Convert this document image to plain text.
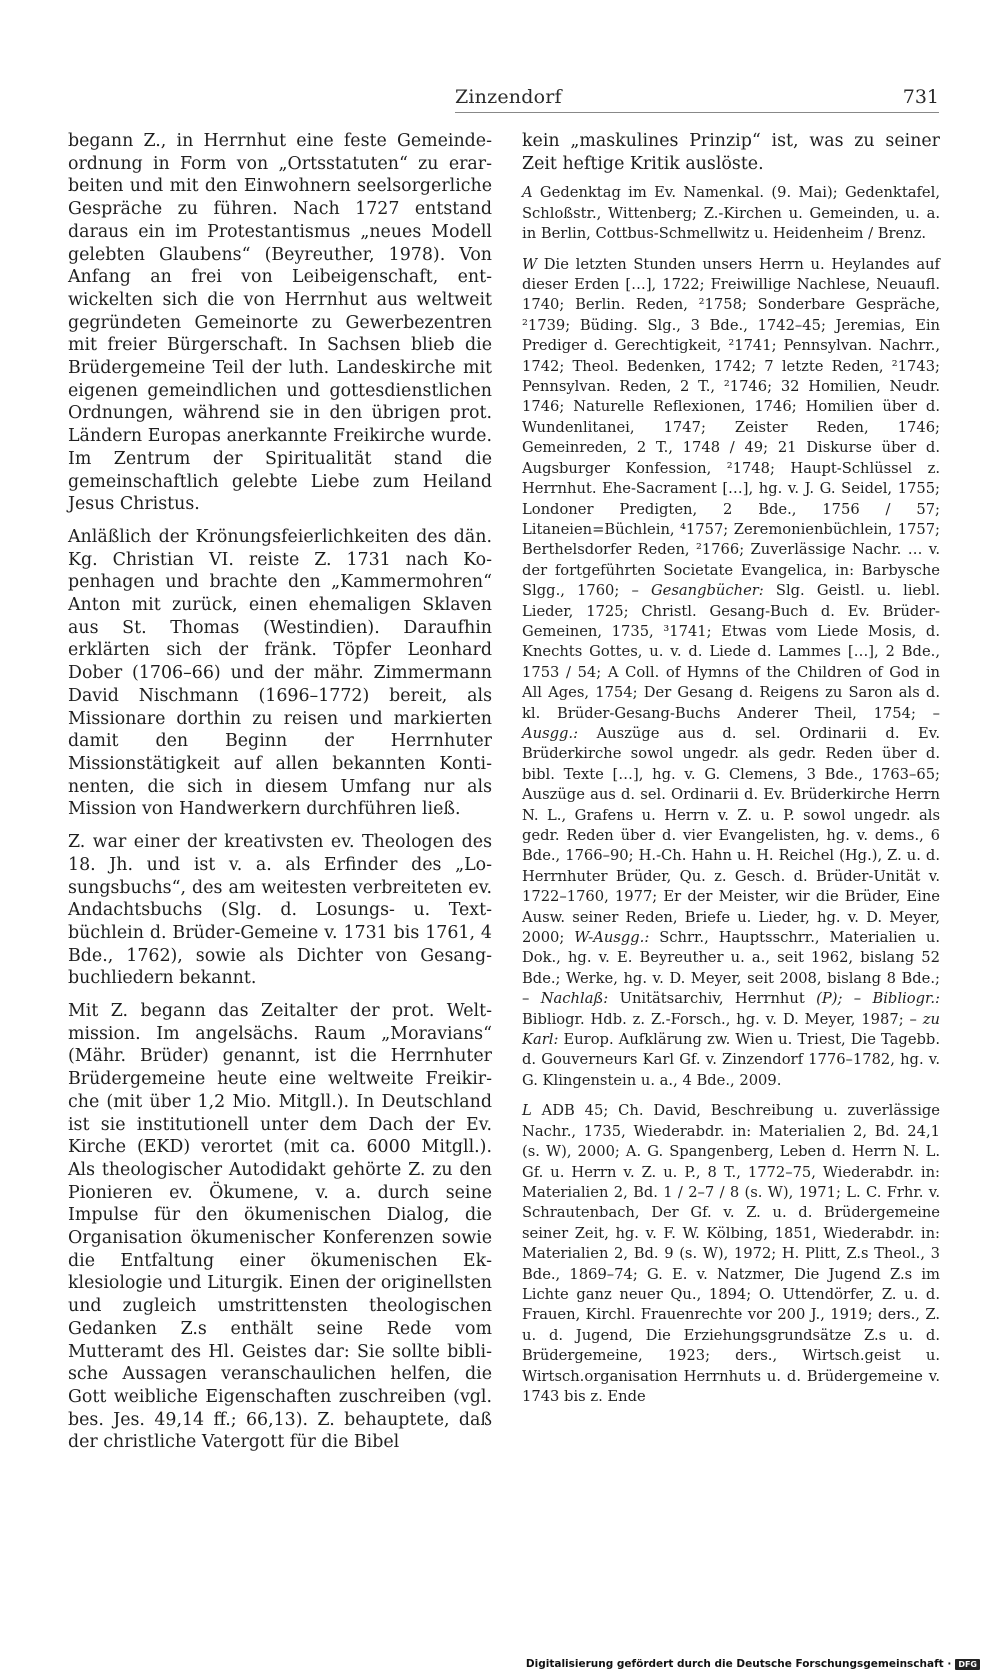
Zinzendorf	731

begann Z., in Herrnhut eine feste Gemeindeordnung in Form von „Ortsstatuten“ zu erarbeiten und mit den Einwohnern seelsorgerliche Gespräche zu führen. Nach 1727 entstand daraus ein im Protestantismus „neues Modell gelebten Glaubens“ (Beyreuther, 1978). Von Anfang an frei von Leibeigenschaft, entwickelten sich die von Herrnhut aus weltweit gegründeten Gemeinorte zu Gewerbezentren mit freier Bürgerschaft. In Sachsen blieb die Brüdergemeine Teil der luth. Landeskirche mit eigenen gemeindlichen und gottesdienstlichen Ordnungen, während sie in den übrigen prot. Ländern Europas anerkannte Freikirche wurde. Im Zentrum der Spiritualität stand die gemeinschaftlich gelebte Liebe zum Heiland Jesus Christus.

Anläßlich der Krönungsfeierlichkeiten des dän. Kg. Christian VI. reiste Z. 1731 nach Kopenhagen und brachte den „Kammermohren“ Anton mit zurück, einen ehemaligen Sklaven aus St. Thomas (Westindien). Daraufhin erklärten sich der fränk. Töpfer Leonhard Dober (1706–66) und der mähr. Zimmermann David Nischmann (1696–1772) bereit, als Missionare dorthin zu reisen und markierten damit den Beginn der Herrnhuter Missionstätigkeit auf allen bekannten Kontinenten, die sich in diesem Umfang nur als Mission von Handwerkern durchführen ließ.

Z. war einer der kreativsten ev. Theologen des 18. Jh. und ist v. a. als Erfinder des „Losungsbuchs“, des am weitesten verbreiteten ev. Andachtsbuchs (Slg. d. Losungs- u. Textbüchlein d. Brüder-Gemeine v. 1731 bis 1761, 4 Bde., 1762), sowie als Dichter von Gesangbuchliedern bekannt.

Mit Z. begann das Zeitalter der prot. Weltmission. Im angelsächs. Raum „Moravians“ (Mähr. Brüder) genannt, ist die Herrnhuter Brüdergemeine heute eine weltweite Freikirche (mit über 1,2 Mio. Mitgll.). In Deutschland ist sie institutionell unter dem Dach der Ev. Kirche (EKD) verortet (mit ca. 6000 Mitgll.). Als theologischer Autodidakt gehörte Z. zu den Pionieren ev. Ökumene, v. a. durch seine Impulse für den ökumenischen Dialog, die Organisation ökumenischer Konferenzen sowie die Entfaltung einer ökumenischen Ekklesiologie und Liturgik. Einen der originellsten und zugleich umstrittensten theologischen Gedanken Z.s enthält seine Rede vom Mutteramt des Hl. Geistes dar: Sie sollte biblische Aussagen veranschaulichen helfen, die Gott weibliche Eigenschaften zuschreiben (vgl. bes. Jes. 49,14 ff.; 66,13). Z. behauptete, daß der christliche Vatergott für die Bibel

kein „maskulines Prinzip“ ist, was zu seiner Zeit heftige Kritik auslöste.

A Gedenktag im Ev. Namenkal. (9. Mai); Gedenktafel, Schloßstr., Wittenberg; Z.-Kirchen u. Gemeinden, u. a. in Berlin, Cottbus-Schmellwitz u. Heidenheim / Brenz.

W Die letzten Stunden unsers Herrn u. Heylandes auf dieser Erden […], 1722; Freiwillige Nachlese, Neuaufl. 1740; Berlin. Reden, ²1758; Sonderbare Gespräche, ²1739; Büding. Slg., 3 Bde., 1742–45; Jeremias, Ein Prediger d. Gerechtigkeit, ²1741; Pennsylvan. Nachrr., 1742; Theol. Bedenken, 1742; 7 letzte Reden, ²1743; Pennsylvan. Reden, 2 T., ²1746; 32 Homilien, Neudr. 1746; Naturelle Reflexionen, 1746; Homilien über d. Wundenlitanei, 1747; Zeister Reden, 1746; Gemeinreden, 2 T., 1748 / 49; 21 Diskurse über d. Augsburger Konfession, ²1748; Haupt-Schlüssel z. Herrnhut. Ehe-Sacrament […], hg. v. J. G. Seidel, 1755; Londoner Predigten, 2 Bde., 1756 / 57; Litaneien=Büchlein, ⁴1757; Zeremonienbüchlein, 1757; Berthelsdorfer Reden, ²1766; Zuverlässige Nachr. … v. der fortgeführten Societate Evangelica, in: Barbysche Slgg., 1760; – Gesangbücher: Slg. Geistl. u. liebl. Lieder, 1725; Christl. Gesang-Buch d. Ev. Brüder-Gemeinen, 1735, ³1741; Etwas vom Liede Mosis, d. Knechts Gottes, u. v. d. Liede d. Lammes […], 2 Bde., 1753 / 54; A Coll. of Hymns of the Children of God in All Ages, 1754; Der Gesang d. Reigens zu Saron als d. kl. Brüder-Gesang-Buchs Anderer Theil, 1754; – Ausgg.: Auszüge aus d. sel. Ordinarii d. Ev. Brüderkirche sowol ungedr. als gedr. Reden über d. bibl. Texte […], hg. v. G. Clemens, 3 Bde., 1763–65; Auszüge aus d. sel. Ordinarii d. Ev. Brüderkirche Herrn N. L., Grafens u. Herrn v. Z. u. P. sowol ungedr. als gedr. Reden über d. vier Evangelisten, hg. v. dems., 6 Bde., 1766–90; H.-Ch. Hahn u. H. Reichel (Hg.), Z. u. d. Herrnhuter Brüder, Qu. z. Gesch. d. Brüder-Unität v. 1722–1760, 1977; Er der Meister, wir die Brüder, Eine Ausw. seiner Reden, Briefe u. Lieder, hg. v. D. Meyer, 2000; W-Ausgg.: Schrr., Hauptsschrr., Materialien u. Dok., hg. v. E. Beyreuther u. a., seit 1962, bislang 52 Bde.; Werke, hg. v. D. Meyer, seit 2008, bislang 8 Bde.; – Nachlaß: Unitätsarchiv, Herrnhut (P); – Bibliogr.: Bibliogr. Hdb. z. Z.-Forsch., hg. v. D. Meyer, 1987; – zu Karl: Europ. Aufklärung zw. Wien u. Triest, Die Tagebb. d. Gouverneurs Karl Gf. v. Zinzendorf 1776–1782, hg. v. G. Klingenstein u. a., 4 Bde., 2009.

L ADB 45; Ch. David, Beschreibung u. zuverlässige Nachr., 1735, Wiederabdr. in: Materialien 2, Bd. 24,1 (s. W), 2000; A. G. Spangenberg, Leben d. Herrn N. L. Gf. u. Herrn v. Z. u. P., 8 T., 1772–75, Wiederabdr. in: Materialien 2, Bd. 1 / 2–7 / 8 (s. W), 1971; L. C. Frhr. v. Schrautenbach, Der Gf. v. Z. u. d. Brüdergemeine seiner Zeit, hg. v. F. W. Kölbing, 1851, Wiederabdr. in: Materialien 2, Bd. 9 (s. W), 1972; H. Plitt, Z.s Theol., 3 Bde., 1869–74; G. E. v. Natzmer, Die Jugend Z.s im Lichte ganz neuer Qu., 1894; O. Uttendörfer, Z. u. d. Frauen, Kirchl. Frauenrechte vor 200 J., 1919; ders., Z. u. d. Jugend, Die Erziehungsgrundsätze Z.s u. d. Brüdergemeine, 1923; ders., Wirtsch.geist u. Wirtsch.organisation Herrnhuts u. d. Brüdergemeine v. 1743 bis z. Ende

Digitalisierung gefördert durch die Deutsche Forschungsgemeinschaft · DFG
